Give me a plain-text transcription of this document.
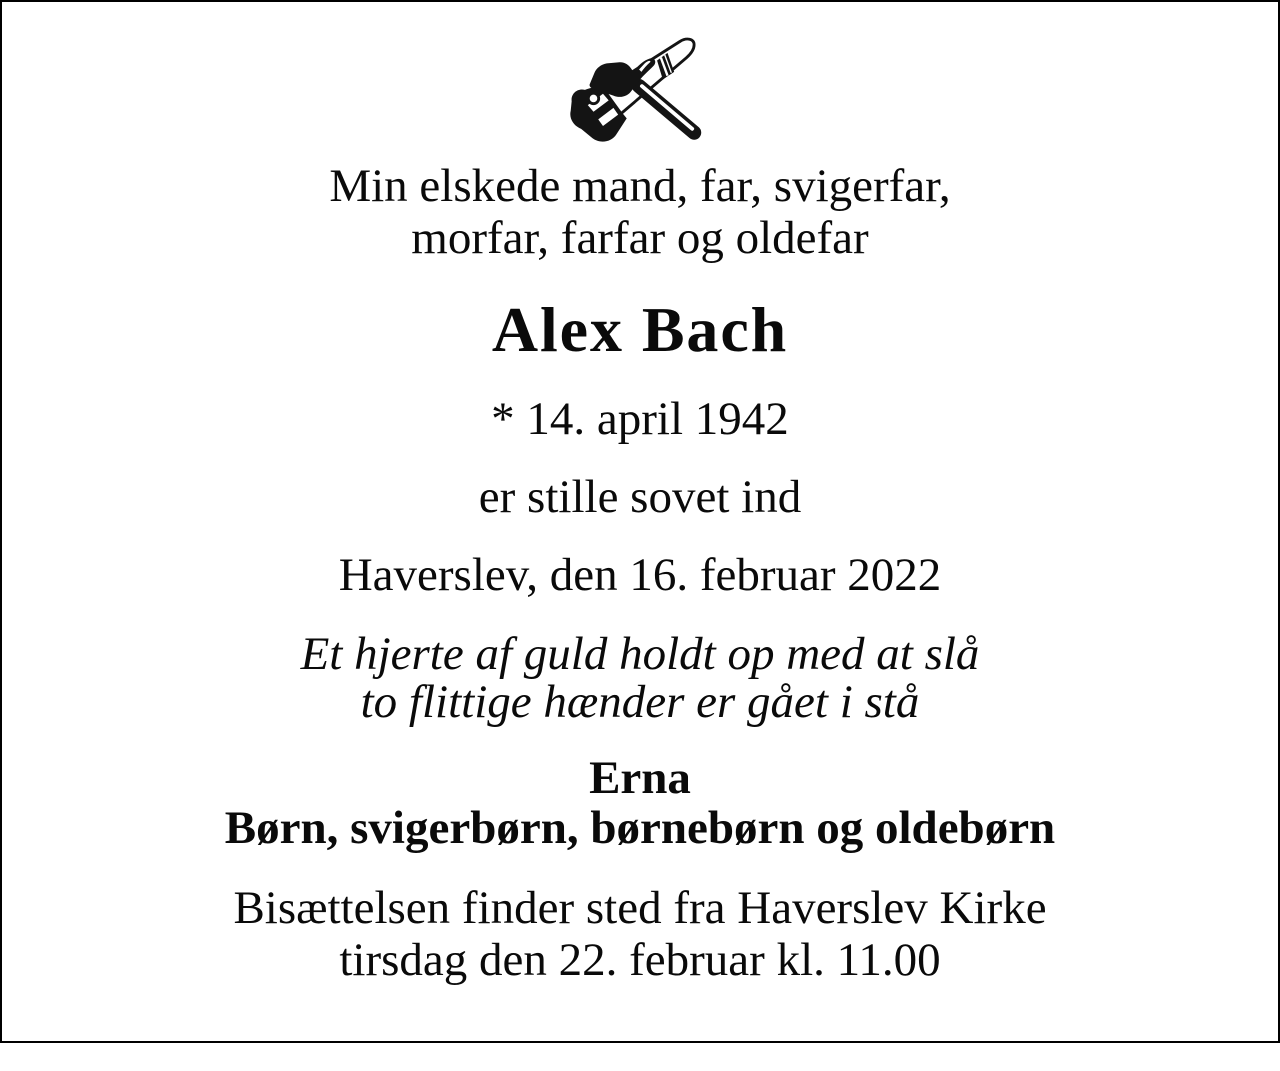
Min elskede mand, far, svigerfar,
morfar, farfar og oldefar

Alex Bach

* 14. april 1942

er stille sovet ind

Haverslev, den 16. februar 2022

Et hjerte af guld holdt op med at slå
to flittige hænder er gået i stå

Erna
Børn, svigerbørn, børnebørn og oldebørn

Bisættelsen finder sted fra Haverslev Kirke
tirsdag den 22. februar kl. 11.00
